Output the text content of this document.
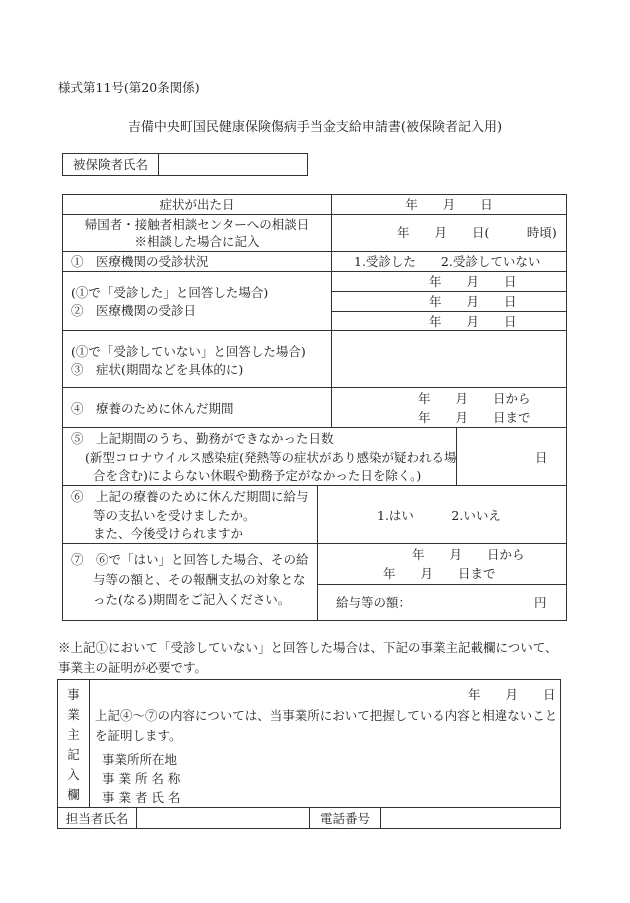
様式第11号(第20条関係)
吉備中央町国民健康保険傷病手当金支給申請書(被保険者記入用)
被保険者氏名
症状が出た日	年　　月　　日
帰国者・接触者相談センターへの相談日
※相談した場合に記入
年　　月　　日(　　　時頃)
①　医療機関の受診状況	1.受診した　　2.受診していない
(①で「受診した」と回答した場合)
②　医療機関の受診日
年　　月　　日
年　　月　　日
年　　月　　日
(①で「受診していない」と回答した場合)
③　症状(期間などを具体的に)
④　療養のために休んだ期間
年　　月　　日から
年　　月　　日まで
⑤　上記期間のうち、勤務ができなかった日数
(新型コロナウイルス感染症(発熱等の症状があり感染が疑われる場
合を含む)によらない休暇や勤務予定がなかった日を除く。)
日
⑥　上記の療養のために休んだ期間に給与
等の支払いを受けましたか。
また、今後受けられますか
1.はい　　　2.いいえ
⑦　⑥で「はい」と回答した場合、その給
与等の額と、その報酬支払の対象とな
った(なる)期間をご記入ください。
年　　月　　日から
年　　月　　日まで
給与等の額：	円
※上記①において「受診していない」と回答した場合は、下記の事業主記載欄について、
事業主の証明が必要です。
事
業
主
記
入
欄
年　　月　　日
上記④～⑦の内容については、当事業所において把握している内容と相違ないこと
を証明します。
事業所所在地
事 業 所 名 称
事 業 者 氏 名
担当者氏名	電話番号
